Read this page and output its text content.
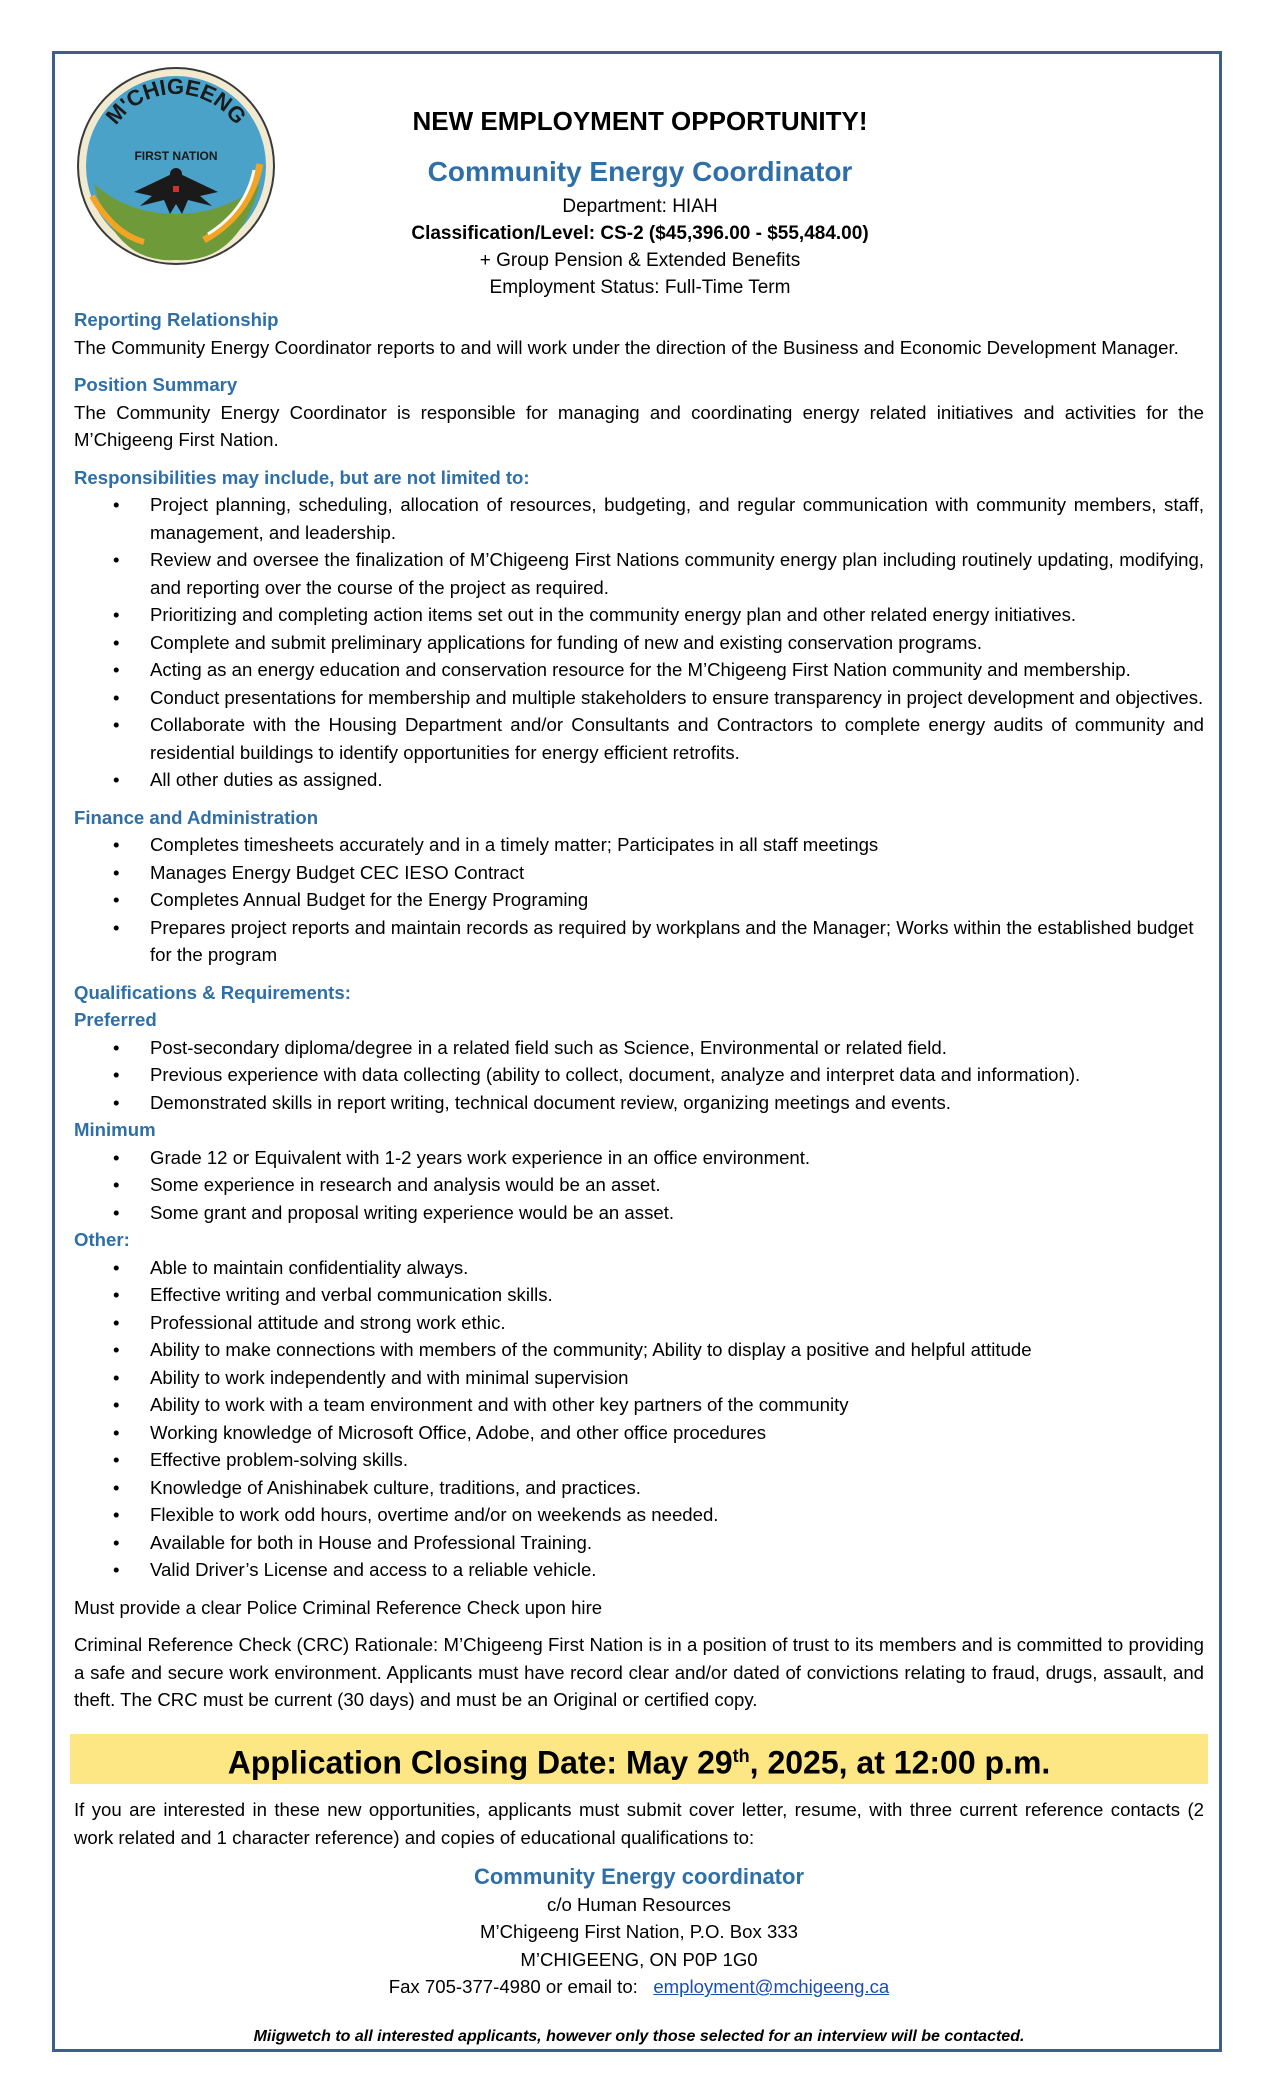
M'CHIGEENG
FIRST NATION
NEW EMPLOYMENT OPPORTUNITY!
Community Energy Coordinator
Department: HIAH
Classification/Level: CS-2 ($45,396.00 - $55,484.00)
+ Group Pension & Extended Benefits
Employment Status: Full-Time Term
Reporting Relationship
The Community Energy Coordinator reports to and will work under the direction of the Business and Economic Development Manager.
Position Summary
The Community Energy Coordinator is responsible for managing and coordinating energy related initiatives and activities for the M’Chigeeng First Nation.
Responsibilities may include, but are not limited to:
• Project planning, scheduling, allocation of resources, budgeting, and regular communication with community members, staff, management, and leadership.
• Review and oversee the finalization of M’Chigeeng First Nations community energy plan including routinely updating, modifying, and reporting over the course of the project as required.
• Prioritizing and completing action items set out in the community energy plan and other related energy initiatives.
• Complete and submit preliminary applications for funding of new and existing conservation programs.
• Acting as an energy education and conservation resource for the M’Chigeeng First Nation community and membership.
• Conduct presentations for membership and multiple stakeholders to ensure transparency in project development and objectives.
• Collaborate with the Housing Department and/or Consultants and Contractors to complete energy audits of community and residential buildings to identify opportunities for energy efficient retrofits.
• All other duties as assigned.
Finance and Administration
• Completes timesheets accurately and in a timely matter; Participates in all staff meetings
• Manages Energy Budget CEC IESO Contract
• Completes Annual Budget for the Energy Programing
• Prepares project reports and maintain records as required by workplans and the Manager; Works within the established budget for the program
Qualifications & Requirements:
Preferred
• Post-secondary diploma/degree in a related field such as Science, Environmental or related field.
• Previous experience with data collecting (ability to collect, document, analyze and interpret data and information).
• Demonstrated skills in report writing, technical document review, organizing meetings and events.
Minimum
• Grade 12 or Equivalent with 1-2 years work experience in an office environment.
• Some experience in research and analysis would be an asset.
• Some grant and proposal writing experience would be an asset.
Other:
• Able to maintain confidentiality always.
• Effective writing and verbal communication skills.
• Professional attitude and strong work ethic.
• Ability to make connections with members of the community; Ability to display a positive and helpful attitude
• Ability to work independently and with minimal supervision
• Ability to work with a team environment and with other key partners of the community
• Working knowledge of Microsoft Office, Adobe, and other office procedures
• Effective problem-solving skills.
• Knowledge of Anishinabek culture, traditions, and practices.
• Flexible to work odd hours, overtime and/or on weekends as needed.
• Available for both in House and Professional Training.
• Valid Driver’s License and access to a reliable vehicle.
Must provide a clear Police Criminal Reference Check upon hire
Criminal Reference Check (CRC) Rationale: M’Chigeeng First Nation is in a position of trust to its members and is committed to providing a safe and secure work environment. Applicants must have record clear and/or dated of convictions relating to fraud, drugs, assault, and theft. The CRC must be current (30 days) and must be an Original or certified copy.
Application Closing Date: May 29th, 2025, at 12:00 p.m.
If you are interested in these new opportunities, applicants must submit cover letter, resume, with three current reference contacts (2 work related and 1 character reference) and copies of educational qualifications to:
Community Energy coordinator
c/o Human Resources
M’Chigeeng First Nation, P.O. Box 333
M’CHIGEENG, ON P0P 1G0
Fax 705-377-4980 or email to: employment@mchigeeng.ca
Miigwetch to all interested applicants, however only those selected for an interview will be contacted.
